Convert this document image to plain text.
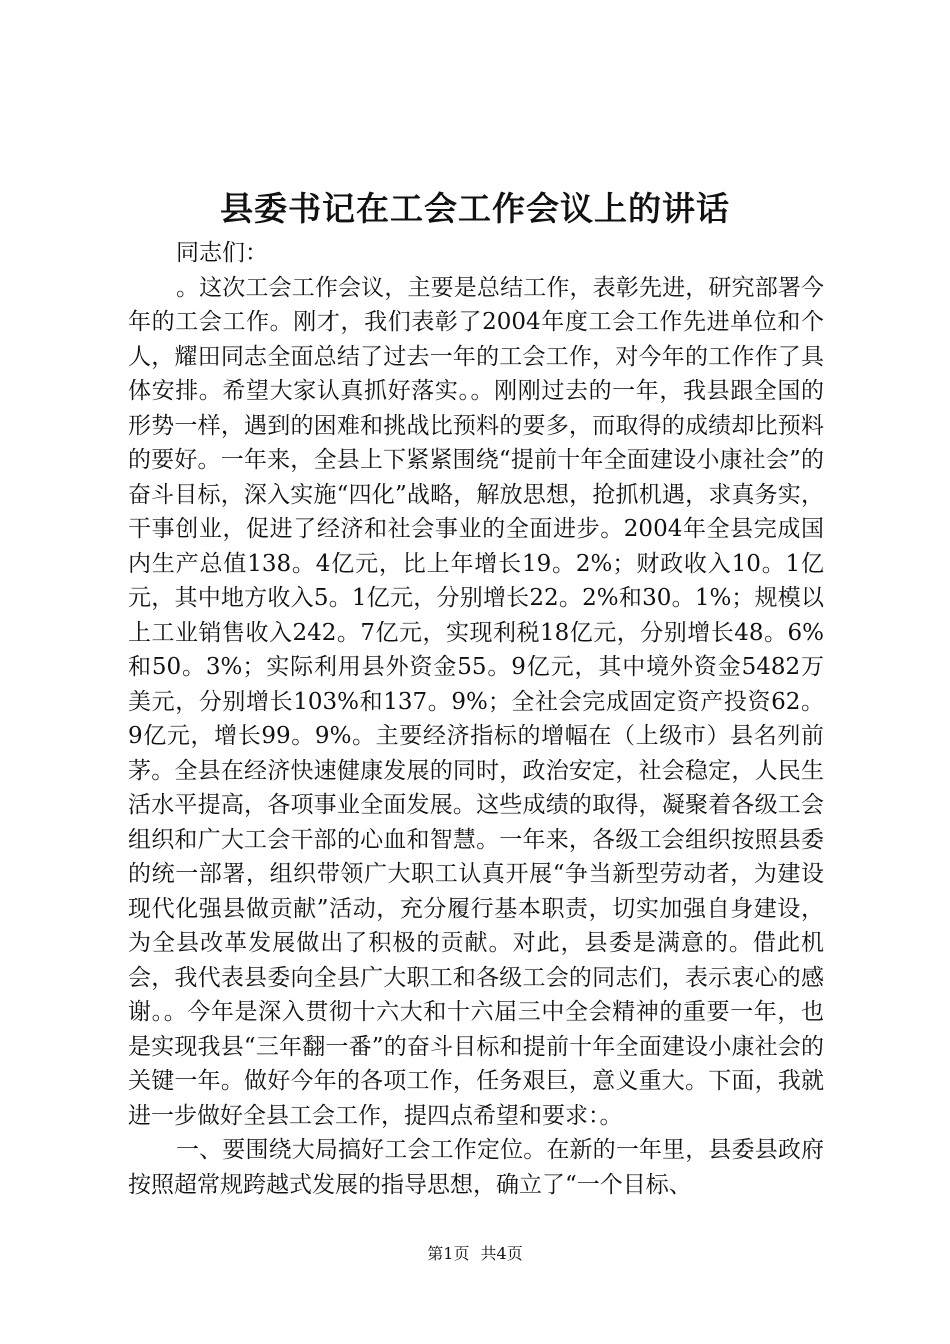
县委书记在工会工作会议上的讲话

同志们：

。这次工会工作会议，主要是总结工作，表彰先进，研究部署今年的工会工作。刚才，我们表彰了2004年度工会工作先进单位和个人，耀田同志全面总结了过去一年的工会工作，对今年的工作作了具体安排。希望大家认真抓好落实。。刚刚过去的一年，我县跟全国的形势一样，遇到的困难和挑战比预料的要多，而取得的成绩却比预料的要好。一年来，全县上下紧紧围绕“提前十年全面建设小康社会”的奋斗目标，深入实施“四化”战略，解放思想，抢抓机遇，求真务实，干事创业，促进了经济和社会事业的全面进步。2004年全县完成国内生产总值138。4亿元，比上年增长19。2%；财政收入10。1亿元，其中地方收入5。1亿元，分别增长22。2%和30。1%；规模以上工业销售收入242。7亿元，实现利税18亿元，分别增长48。6%和50。3%；实际利用县外资金55。9亿元，其中境外资金5482万美元，分别增长103%和137。9%；全社会完成固定资产投资62。9亿元，增长99。9%。主要经济指标的增幅在（上级市）县名列前茅。全县在经济快速健康发展的同时，政治安定，社会稳定，人民生活水平提高，各项事业全面发展。这些成绩的取得，凝聚着各级工会组织和广大工会干部的心血和智慧。一年来，各级工会组织按照县委的统一部署，组织带领广大职工认真开展“争当新型劳动者，为建设现代化强县做贡献”活动，充分履行基本职责，切实加强自身建设，为全县改革发展做出了积极的贡献。对此，县委是满意的。借此机会，我代表县委向全县广大职工和各级工会的同志们，表示衷心的感谢。。今年是深入贯彻十六大和十六届三中全会精神的重要一年，也是实现我县“三年翻一番”的奋斗目标和提前十年全面建设小康社会的关键一年。做好今年的各项工作，任务艰巨，意义重大。下面，我就进一步做好全县工会工作，提四点希望和要求：。

一、要围绕大局搞好工会工作定位。在新的一年里，县委县政府按照超常规跨越式发展的指导思想，确立了“一个目标、

第1页 共4页
